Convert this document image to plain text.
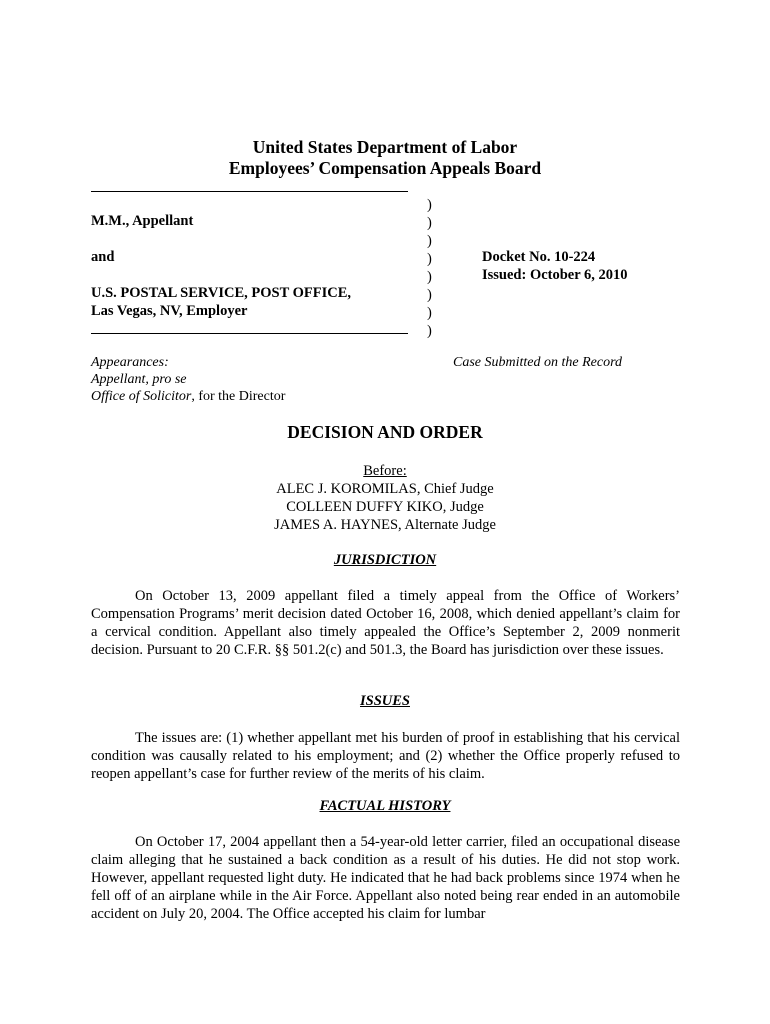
United States Department of Labor
Employees’ Compensation Appeals Board
M.M., Appellant
and
U.S. POSTAL SERVICE, POST OFFICE,
Las Vegas, NV, Employer
)
)
)
)
)
)
)
)
Docket No. 10-224
Issued: October 6, 2010
Appearances:
Appellant, pro se
Office of Solicitor, for the Director
Case Submitted on the Record
DECISION AND ORDER
Before:
ALEC J. KOROMILAS, Chief Judge
COLLEEN DUFFY KIKO, Judge
JAMES A. HAYNES, Alternate Judge
JURISDICTION
On October 13, 2009 appellant filed a timely appeal from the Office of Workers’ Compensation Programs’ merit decision dated October 16, 2008, which denied appellant’s claim for a cervical condition. Appellant also timely appealed the Office’s September 2, 2009 nonmerit decision. Pursuant to 20 C.F.R. §§ 501.2(c) and 501.3, the Board has jurisdiction over these issues.
ISSUES
The issues are: (1) whether appellant met his burden of proof in establishing that his cervical condition was causally related to his employment; and (2) whether the Office properly refused to reopen appellant’s case for further review of the merits of his claim.
FACTUAL HISTORY
On October 17, 2004 appellant then a 54-year-old letter carrier, filed an occupational disease claim alleging that he sustained a back condition as a result of his duties. He did not stop work. However, appellant requested light duty. He indicated that he had back problems since 1974 when he fell off of an airplane while in the Air Force. Appellant also noted being rear ended in an automobile accident on July 20, 2004. The Office accepted his claim for lumbar
